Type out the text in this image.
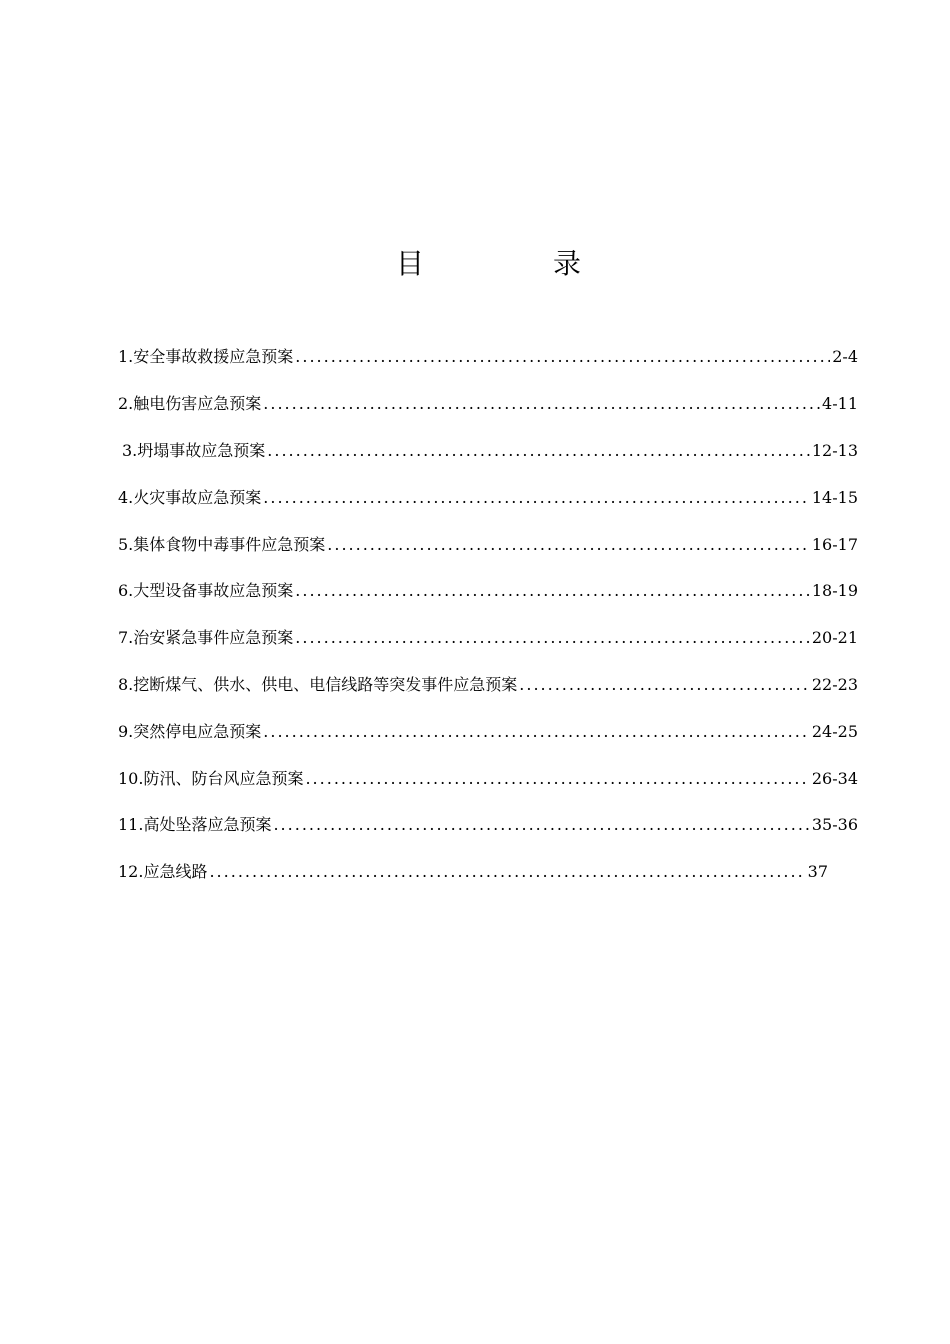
目	录
1. 安全事故救援应急预案 .....	2-4
2. 触电伤害应急预案 .....	4-11
3. 坍塌事故应急预案 .....	12-13
4. 火灾事故应急预案 .....	14-15
5. 集体食物中毒事件应急预案 .....	16-17
6. 大型设备事故应急预案 .....	18-19
7. 治安紧急事件应急预案 .....	20-21
8. 挖断煤气、供水、供电、电信线路等突发事件应急预案 .....	22-23
9. 突然停电应急预案 .....	24-25
10. 防汛、防台风应急预案 .....	26-34
11. 高处坠落应急预案 .....	35-36
12. 应急线路 .....	37
